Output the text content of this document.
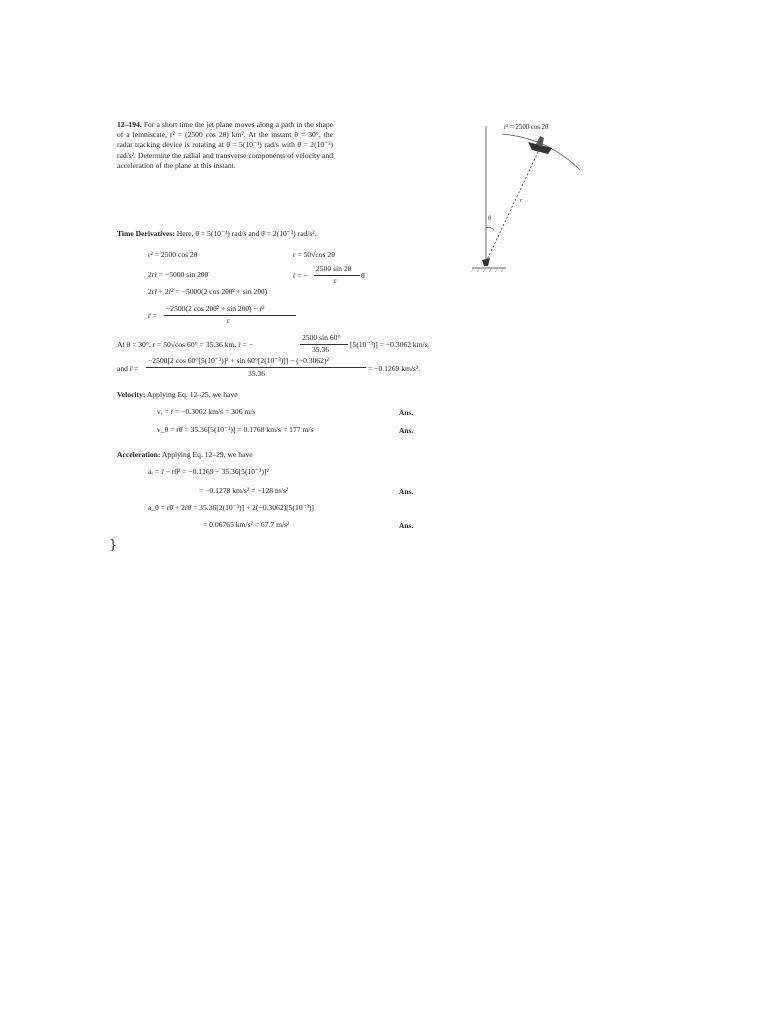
12–194. For a short time the jet plane moves along a path in the shape of a lemniscate, r² = (2500 cos 2θ) km². At the instant θ = 30°, the radar tracking device is rotating at θ̇ = 5(10⁻³) rad/s with θ̈ = 2(10⁻³) rad/s². Determine the radial and transverse components of velocity and acceleration of the plane at this instant.
r² = 2500 cos 2θ
r
θ
Time Derivatives: Here, θ̇ = 5(10⁻³) rad/s and θ̈ = 2(10⁻³) rad/s².
r² = 2500 cos 2θ	r = 50√cos 2θ
2rṙ = −5000 sin 2θθ̇	ṙ = −
2500 sin 2θ
r
θ̇
2rr̈ + 2ṙ² = −5000(2 cos 2θθ̇² + sin 2θθ̈)
r̈ =
−2500(2 cos 2θθ̇² + sin 2θθ̈) − ṙ²
r
At θ = 30°, r = 50√cos 60° = 35.36 km, ṙ = −
2500 sin 60°
35.36
[5(10⁻³)] = −0.3062 km/s
and r̈ =
−2500[2 cos 60°[5(10⁻³)]² + sin 60°[2(10⁻³)]] − (−0.3062)²
35.36
= −0.1269 km/s².
Velocity: Applying Eq. 12–25, we have
vᵣ = ṙ = −0.3062 km/s = 306 m/s	Ans.
v_θ = rθ̇ = 35.36[5(10⁻³)] = 0.1768 km/s = 177 m/s	Ans.
Acceleration: Applying Eq. 12–29, we have
aᵣ = r̈ − rθ̇² = −0.1269 − 35.36[5(10⁻³)]²
= −0.1278 km/s² = −128 m/s²	Ans.
a_θ = rθ̈ + 2ṙθ̇ = 35.36[2(10⁻³)] + 2(−0.3062)[5(10⁻³)]
= 0.06765 km/s² = 67.7 m/s²	Ans.
}
